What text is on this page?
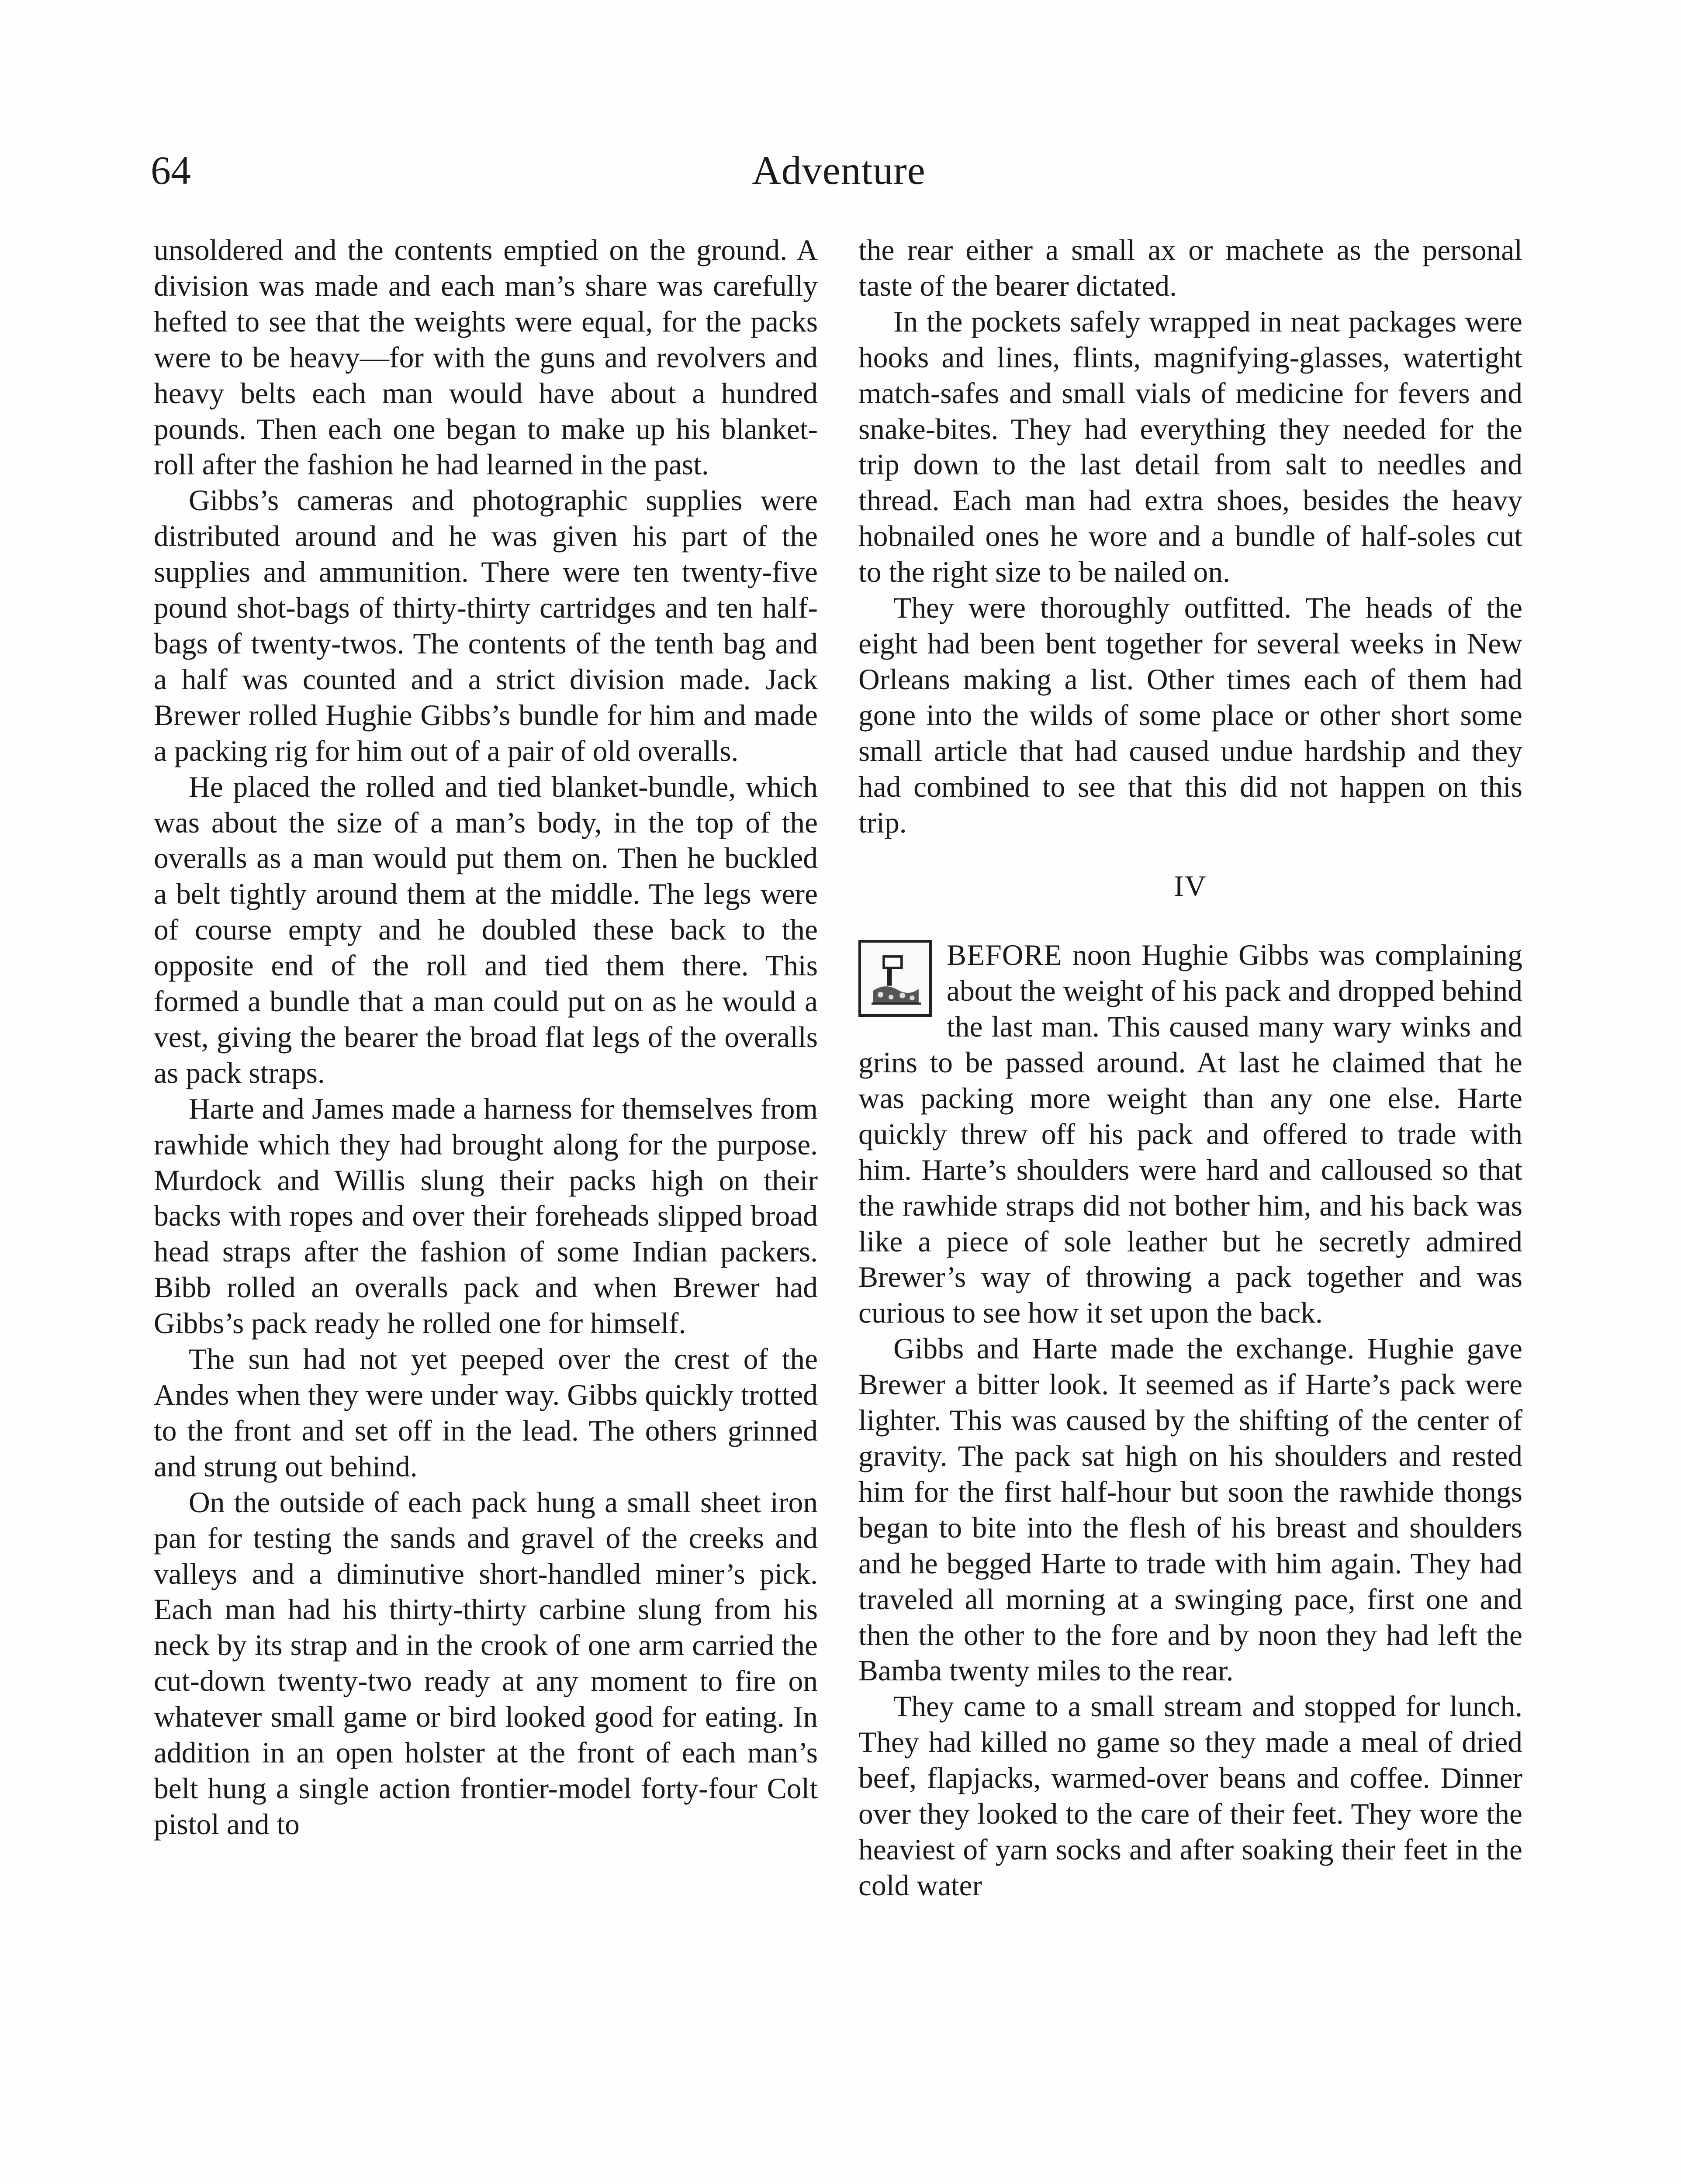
64	Adventure

unsoldered and the contents emptied on the ground. A division was made and each man’s share was carefully hefted to see that the weights were equal, for the packs were to be heavy—for with the guns and revolvers and heavy belts each man would have about a hundred pounds. Then each one began to make up his blanket-roll after the fashion he had learned in the past.

Gibbs’s cameras and photographic supplies were distributed around and he was given his part of the supplies and ammunition. There were ten twenty-five pound shot-bags of thirty-thirty cartridges and ten half-bags of twenty-twos. The contents of the tenth bag and a half was counted and a strict division made. Jack Brewer rolled Hughie Gibbs’s bundle for him and made a packing rig for him out of a pair of old overalls.

He placed the rolled and tied blanket-bundle, which was about the size of a man’s body, in the top of the overalls as a man would put them on. Then he buckled a belt tightly around them at the middle. The legs were of course empty and he doubled these back to the opposite end of the roll and tied them there. This formed a bundle that a man could put on as he would a vest, giving the bearer the broad flat legs of the overalls as pack straps.

Harte and James made a harness for themselves from rawhide which they had brought along for the purpose. Murdock and Willis slung their packs high on their backs with ropes and over their foreheads slipped broad head straps after the fashion of some Indian packers. Bibb rolled an overalls pack and when Brewer had Gibbs’s pack ready he rolled one for himself.

The sun had not yet peeped over the crest of the Andes when they were under way. Gibbs quickly trotted to the front and set off in the lead. The others grinned and strung out behind.

On the outside of each pack hung a small sheet iron pan for testing the sands and gravel of the creeks and valleys and a diminutive short-handled miner’s pick. Each man had his thirty-thirty carbine slung from his neck by its strap and in the crook of one arm carried the cut-down twenty-two ready at any moment to fire on whatever small game or bird looked good for eating. In addition in an open holster at the front of each man’s belt hung a single action frontier-model forty-four Colt pistol and to

the rear either a small ax or machete as the personal taste of the bearer dictated.

In the pockets safely wrapped in neat packages were hooks and lines, flints, magnifying-glasses, watertight match-safes and small vials of medicine for fevers and snake-bites. They had everything they needed for the trip down to the last detail from salt to needles and thread. Each man had extra shoes, besides the heavy hobnailed ones he wore and a bundle of half-soles cut to the right size to be nailed on.

They were thoroughly outfitted. The heads of the eight had been bent together for several weeks in New Orleans making a list. Other times each of them had gone into the wilds of some place or other short some small article that had caused undue hardship and they had combined to see that this did not happen on this trip.

IV

BEFORE noon Hughie Gibbs was complaining about the weight of his pack and dropped behind the last man. This caused many wary winks and grins to be passed around. At last he claimed that he was packing more weight than any one else. Harte quickly threw off his pack and offered to trade with him. Harte’s shoulders were hard and calloused so that the rawhide straps did not bother him, and his back was like a piece of sole leather but he secretly admired Brewer’s way of throwing a pack together and was curious to see how it set upon the back.

Gibbs and Harte made the exchange. Hughie gave Brewer a bitter look. It seemed as if Harte’s pack were lighter. This was caused by the shifting of the center of gravity. The pack sat high on his shoulders and rested him for the first half-hour but soon the rawhide thongs began to bite into the flesh of his breast and shoulders and he begged Harte to trade with him again. They had traveled all morning at a swinging pace, first one and then the other to the fore and by noon they had left the Bamba twenty miles to the rear.

They came to a small stream and stopped for lunch. They had killed no game so they made a meal of dried beef, flapjacks, warmed-over beans and coffee. Dinner over they looked to the care of their feet. They wore the heaviest of yarn socks and after soaking their feet in the cold water
